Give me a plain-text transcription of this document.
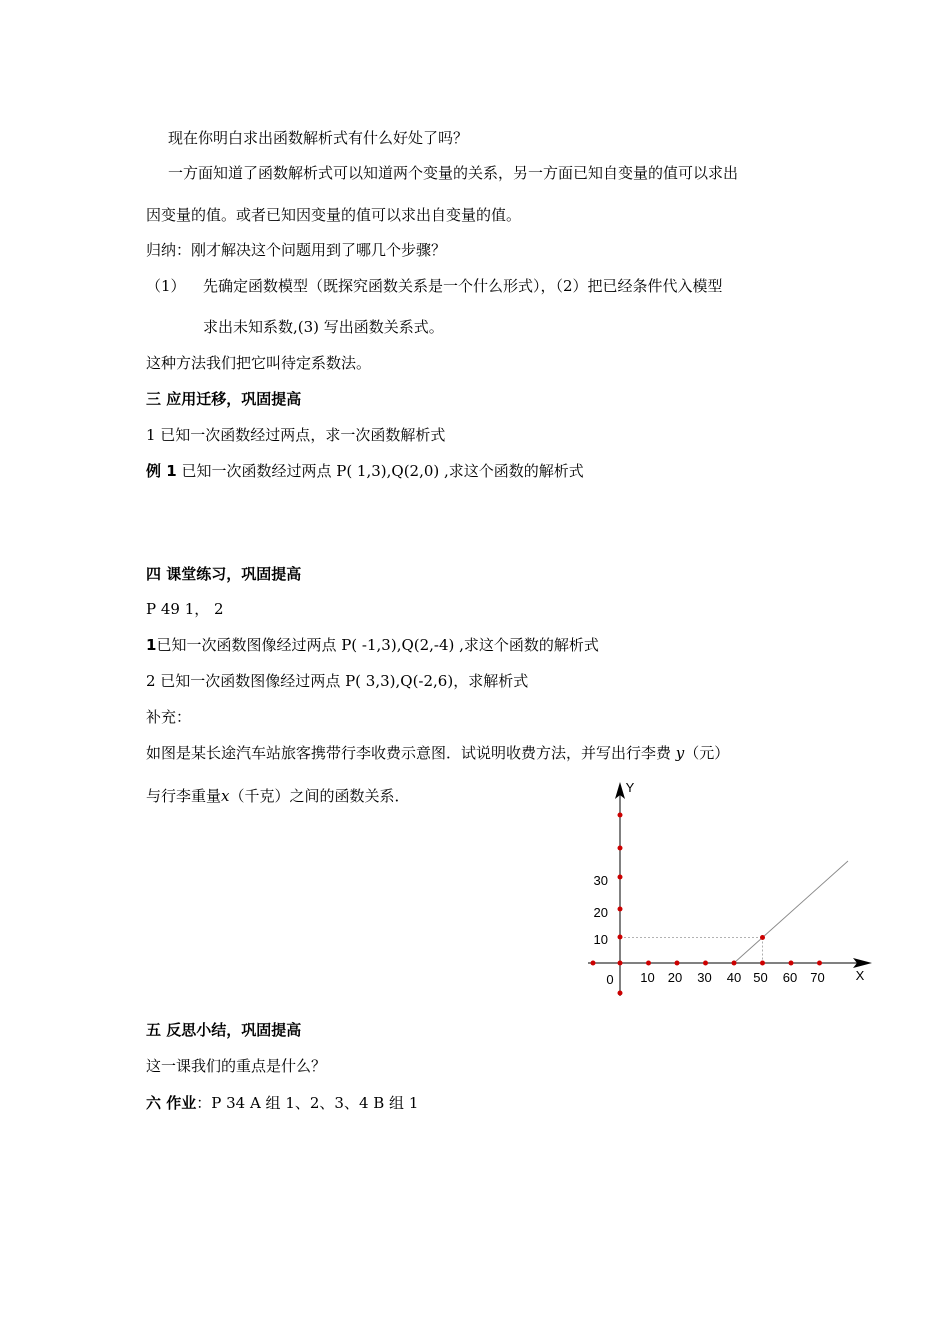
现在你明白求出函数解析式有什么好处了吗？
一方面知道了函数解析式可以知道两个变量的关系，另一方面已知自变量的值可以求出
因变量的值。或者已知因变量的值可以求出自变量的值。
归纳：刚才解决这个问题用到了哪几个步骤？
（1） 先确定函数模型（既探究函数关系是一个什么形式），（2）把已经条件代入模型
求出未知系数,(3) 写出函数关系式。
这种方法我们把它叫待定系数法。
三 应用迁移，巩固提高
1 已知一次函数经过两点，求一次函数解析式
例 1 已知一次函数经过两点 P( 1,3),Q(2,0) ,求这个函数的解析式
四 课堂练习，巩固提高
P 49 1， 2
1已知一次函数图像经过两点 P( -1,3),Q(2,-4) ,求这个函数的解析式
2 已知一次函数图像经过两点 P( 3,3),Q(-2,6)，求解析式
补充：
如图是某长途汽车站旅客携带行李收费示意图．试说明收费方法，并写出行李费 y（元）
与行李重量x（千克）之间的函数关系．
五 反思小结，巩固提高
这一课我们的重点是什么？
六 作业：P 34 A 组 1、2、3、4 B 组 1
10 20 30 40 50 60 70
10
20
30
0	X
Y
